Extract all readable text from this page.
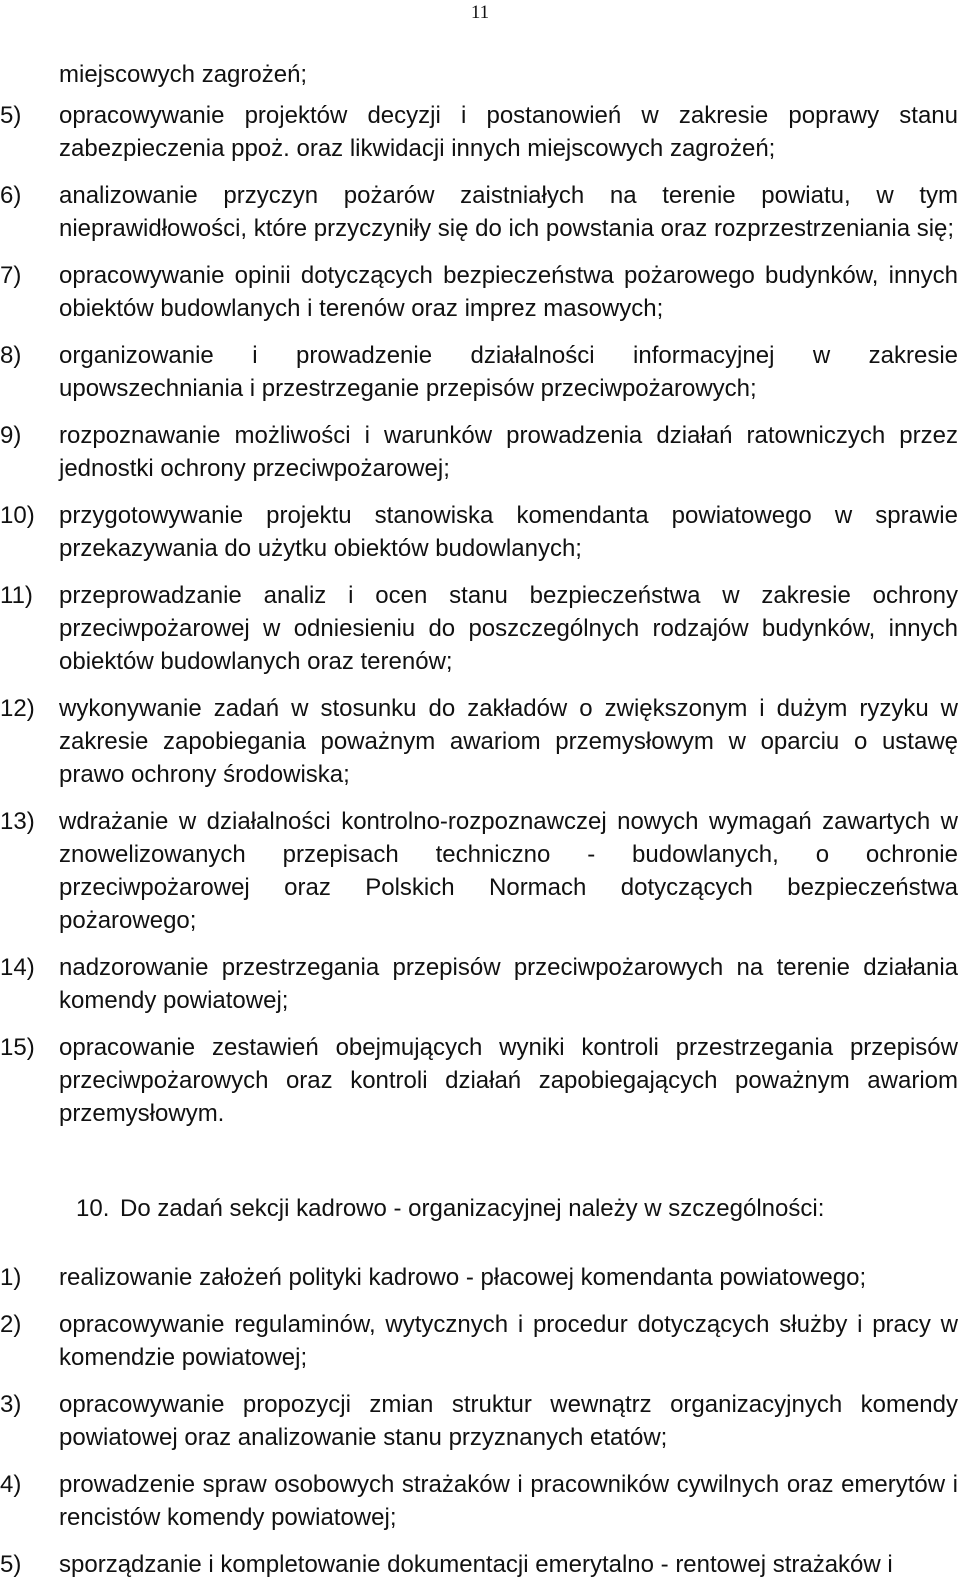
11

miejscowych zagrożeń;

5)	opracowywanie projektów decyzji i postanowień w zakresie poprawy stanu zabezpieczenia ppoż. oraz likwidacji innych miejscowych zagrożeń;
6)	analizowanie przyczyn pożarów zaistniałych na terenie powiatu, w tym nieprawidłowości, które przyczyniły się do ich powstania oraz rozprzestrzeniania się;
7)	opracowywanie opinii dotyczących bezpieczeństwa pożarowego budynków, innych obiektów budowlanych i terenów oraz imprez masowych;
8)	organizowanie i prowadzenie działalności informacyjnej w zakresie upowszechniania i przestrzeganie przepisów przeciwpożarowych;
9)	rozpoznawanie możliwości i warunków prowadzenia działań ratowniczych przez jednostki ochrony przeciwpożarowej;
10)	przygotowywanie projektu stanowiska komendanta powiatowego w sprawie przekazywania do użytku obiektów budowlanych;
11)	przeprowadzanie analiz i ocen stanu bezpieczeństwa w zakresie ochrony przeciwpożarowej w odniesieniu do poszczególnych rodzajów budynków, innych obiektów budowlanych oraz terenów;
12)	wykonywanie zadań w stosunku do zakładów o zwiększonym i dużym ryzyku w zakresie zapobiegania poważnym awariom przemysłowym w oparciu o ustawę prawo ochrony środowiska;
13)	wdrażanie w działalności kontrolno-rozpoznawczej nowych wymagań zawartych w znowelizowanych przepisach techniczno - budowlanych, o ochronie przeciwpożarowej oraz Polskich Normach dotyczących bezpieczeństwa pożarowego;
14)	nadzorowanie przestrzegania przepisów przeciwpożarowych na terenie działania komendy powiatowej;
15)	opracowanie zestawień obejmujących wyniki kontroli przestrzegania przepisów przeciwpożarowych oraz kontroli działań zapobiegających poważnym awariom przemysłowym.
10. Do zadań sekcji kadrowo - organizacyjnej należy w szczególności:
1)	realizowanie założeń polityki kadrowo - płacowej komendanta powiatowego;
2)	opracowywanie regulaminów, wytycznych i procedur dotyczących służby i pracy w komendzie powiatowej;
3)	opracowywanie propozycji zmian struktur wewnątrz organizacyjnych komendy powiatowej oraz analizowanie stanu przyznanych etatów;
4)	prowadzenie spraw osobowych strażaków i pracowników cywilnych oraz emerytów i rencistów komendy powiatowej;
5)	sporządzanie i kompletowanie dokumentacji emerytalno - rentowej strażaków i
